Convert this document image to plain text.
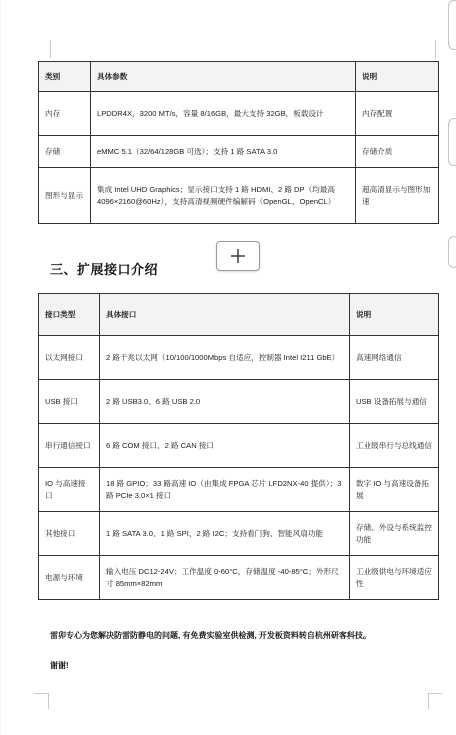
类别	具体参数	说明
内存	LPDDR4X，3200 MT/s，容量 8/16GB，最大支持 32GB，板载设计	内存配置
存储	eMMC 5.1（32/64/128GB 可选）；支持 1 路 SATA 3.0	存储介质
图形与显示	集成 Intel UHD Graphics；显示接口支持 1 路 HDMI、2 路 DP（均最高 4096×2160@60Hz），支持高清视频硬件编解码（OpenGL、OpenCL）	超高清显示与图形加速
三、扩展接口介绍
接口类型	具体接口	说明
以太网接口	2 路千兆以太网（10/100/1000Mbps 自适应，控制器 Intel I211 GbE）	高速网络通信
USB 接口	2 路 USB3.0、6 路 USB 2.0	USB 设备拓展与通信
串行通信接口	6 路 COM 接口、2 路 CAN 接口	工业级串行与总线通信
IO 与高速接口	18 路 GPIO；33 路高速 IO（由集成 FPGA 芯片 LFD2NX-40 提供）；3 路 PCIe 3.0×1 接口	数字 IO 与高速设备拓展
其他接口	1 路 SATA 3.0、1 路 SPI、2 路 I2C；支持看门狗、智能风扇功能	存储、外设与系统监控功能
电源与环境	输入电压 DC12-24V；工作温度 0-60°C，存储温度 -40-85°C；外形尺寸 85mm×82mm	工业级供电与环境适应性
雷卯专心为您解决防雷防静电的问题, 有免费实验室供检测, 开发板资料转自杭州研客科技。
谢谢!
